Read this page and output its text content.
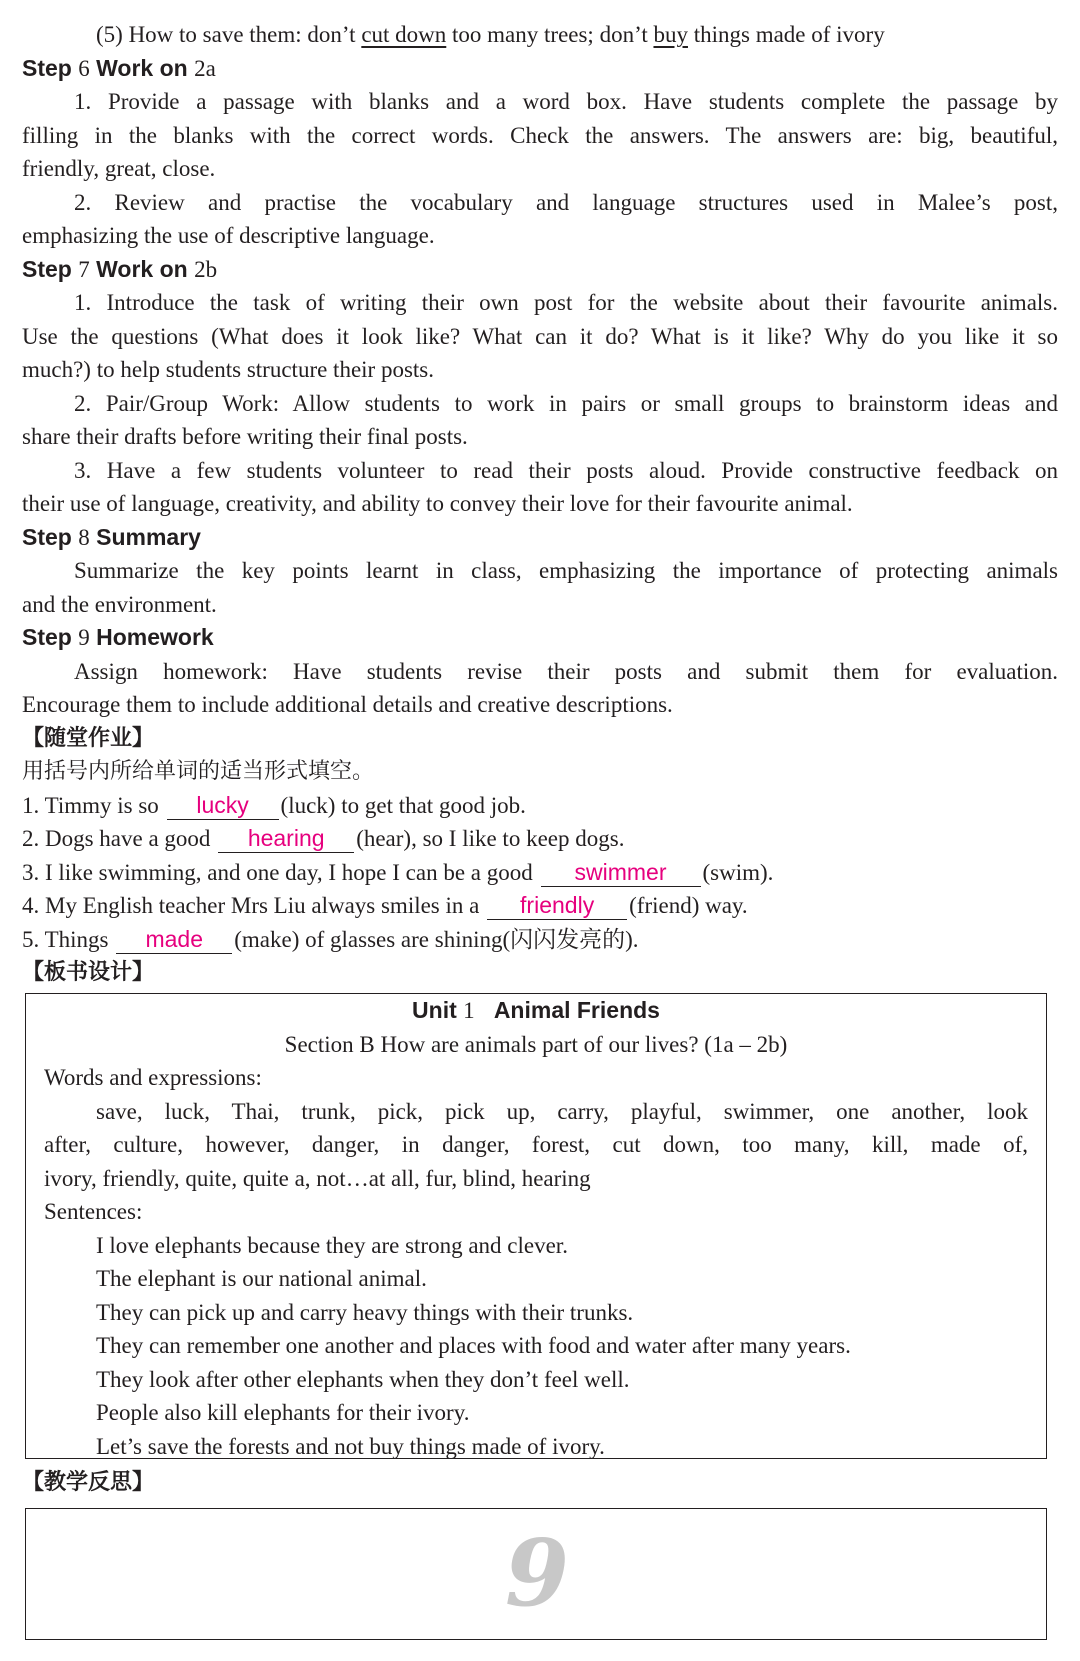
(5) How to save them: don’t cut down too many trees; don’t buy things made of ivory
Step 6 Work on 2a
1. Provide a passage with blanks and a word box. Have students complete the passage by
filling in the blanks with the correct words. Check the answers. The answers are: big, beautiful,
friendly, great, close.
2. Review and practise the vocabulary and language structures used in Malee’s post,
emphasizing the use of descriptive language.
Step 7 Work on 2b
1. Introduce the task of writing their own post for the website about their favourite animals.
Use the questions (What does it look like? What can it do? What is it like? Why do you like it so
much?) to help students structure their posts.
2. Pair/Group Work: Allow students to work in pairs or small groups to brainstorm ideas and
share their drafts before writing their final posts.
3. Have a few students volunteer to read their posts aloud. Provide constructive feedback on
their use of language, creativity, and ability to convey their love for their favourite animal.
Step 8 Summary
Summarize the key points learnt in class, emphasizing the importance of protecting animals
and the environment.
Step 9 Homework
Assign homework: Have students revise their posts and submit them for evaluation.
Encourage them to include additional details and creative descriptions.
【随堂作业】
用括号内所给单词的适当形式填空。
1. Timmy is so lucky (luck) to get that good job.
2. Dogs have a good hearing (hear), so I like to keep dogs.
3. I like swimming, and one day, I hope I can be a good swimmer (swim).
4. My English teacher Mrs Liu always smiles in a friendly (friend) way.
5. Things made (make) of glasses are shining(闪闪发亮的).
【板书设计】
Unit 1 Animal Friends
Section B How are animals part of our lives? (1a – 2b)
Words and expressions:
save, luck, Thai, trunk, pick, pick up, carry, playful, swimmer, one another, look
after, culture, however, danger, in danger, forest, cut down, too many, kill, made of,
ivory, friendly, quite, quite a, not…at all, fur, blind, hearing
Sentences:
I love elephants because they are strong and clever.
The elephant is our national animal.
They can pick up and carry heavy things with their trunks.
They can remember one another and places with food and water after many years.
They look after other elephants when they don’t feel well.
People also kill elephants for their ivory.
Let’s save the forests and not buy things made of ivory.
【教学反思】
9
